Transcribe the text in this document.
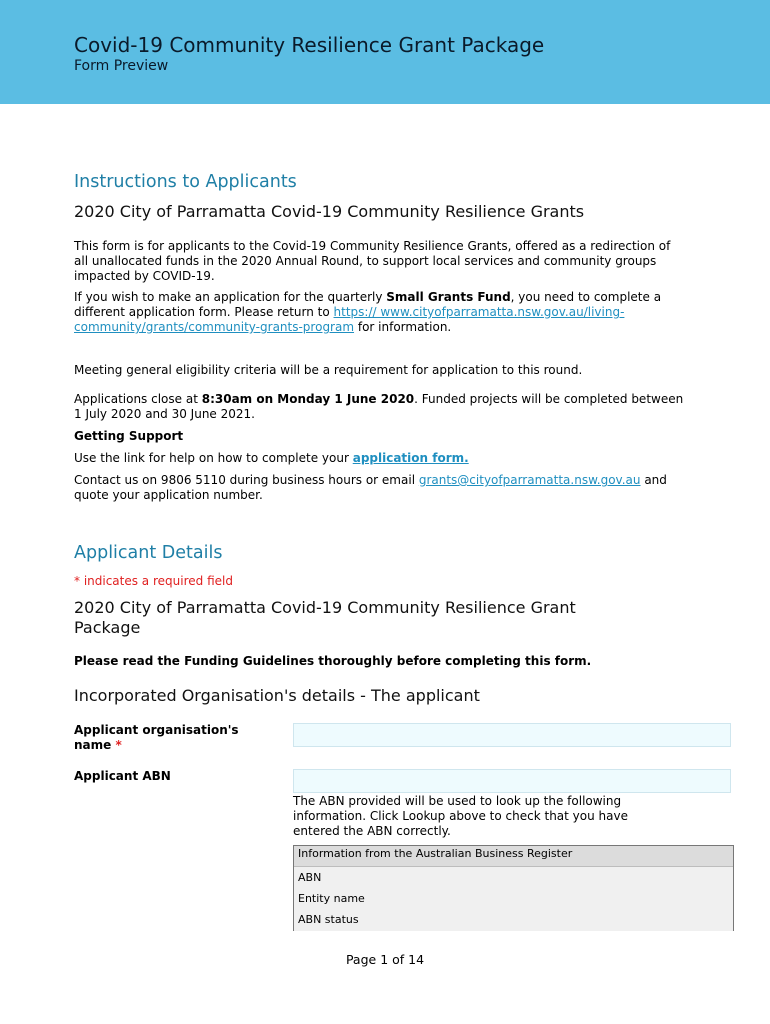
Covid-19 Community Resilience Grant Package
Form Preview
Instructions to Applicants
2020 City of Parramatta Covid-19 Community Resilience Grants

This form is for applicants to the Covid-19 Community Resilience Grants, offered as a redirection of all unallocated funds in the 2020 Annual Round, to support local services and community groups impacted by COVID-19.

If you wish to make an application for the quarterly Small Grants Fund, you need to complete a different application form. Please return to https:// www.cityofparramatta.nsw.gov.au/living-community/grants/community-grants-program for information.

Meeting general eligibility criteria will be a requirement for application to this round.

Applications close at 8:30am on Monday 1 June 2020. Funded projects will be completed between 1 July 2020 and 30 June 2021.

Getting Support

Use the link for help on how to complete your application form.

Contact us on 9806 5110 during business hours or email grants@cityofparramatta.nsw.gov.au and quote your application number.

Applicant Details
* indicates a required field
2020 City of Parramatta Covid-19 Community Resilience Grant Package

Please read the Funding Guidelines thoroughly before completing this form.

Incorporated Organisation's details - The applicant
Applicant organisation's name *
Applicant ABN

The ABN provided will be used to look up the following information. Click Lookup above to check that you have entered the ABN correctly.

Information from the Australian Business Register
ABN
Entity name
ABN status
Page 1 of 14
